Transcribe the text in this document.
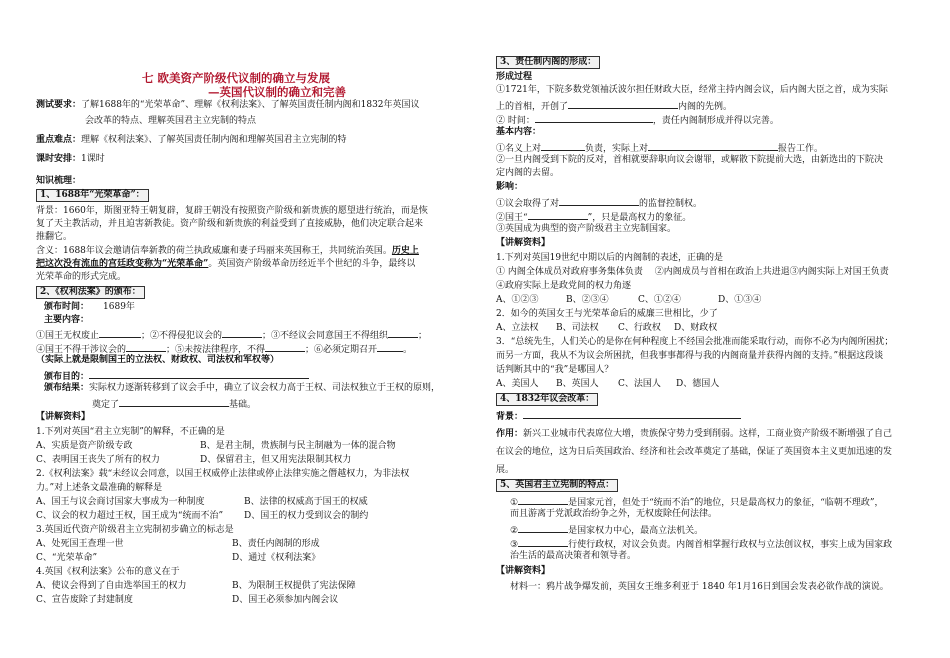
七 欧美资产阶级代议制的确立与发展
—英国代议制的确立和完善
测试要求：了解1688年的“光荣革命”、理解《权利法案》、了解英国责任制内阁和1832年英国议
会改革的特点、理解英国君主立宪制的特点
重点难点：理解《权利法案》、了解英国责任制内阁和理解英国君主立宪制的特
课时安排：1课时
知识梳理：
1、1688年“光荣革命”：
背景：1660年，斯图亚特王朝复辟，复辟王朝没有按照资产阶级和新贵族的愿望进行统治，而是恢
复了天主教活动，并且迫害新教徒。资产阶级和新贵族的利益受到了直接威胁，他们决定联合起来
推翻它。
含义：1688年议会邀请信奉新教的荷兰执政威廉和妻子玛丽来英国称王，共同统治英国。历史上
把这次没有流血的宫廷政变称为“光荣革命”。英国资产阶级革命历经近半个世纪的斗争，最终以
光荣革命的形式完成。
2、《权利法案》的颁布：
颁布时间： 1689年
主要内容：
①国王无权废止	；②不得侵犯议会的	；③不经议会同意国王不得组织	；
④国王不得干涉议会的	；⑤未按法律程序，不得	；⑥必须定期召开	。
（实际上就是限制国王的立法权、财政权、司法权和军权等）
颁布目的：
颁布结果：实际权力逐渐转移到了议会手中，确立了议会权力高于王权、司法权独立于王权的原则，
奠定了	基础。
【讲解资料】
1.下列对英国“君主立宪制”的解释，不正确的是
A、实质是资产阶级专政	B、是君主制，贵族制与民主制融为一体的混合物
C、表明国王丧失了所有的权力	D、保留君主，但又用宪法限制其权力
2.《权利法案》载“未经议会同意，以国王权威停止法律或停止法律实施之僭越权力，为非法权
力。”对上述条文最准确的解释是
A、国王与议会商讨国家大事成为一种制度	B、法律的权威高于国王的权威
C、议会的权力超过王权，国王成为“统而不治” D、国王的权力受到议会的制约
3.英国近代资产阶级君主立宪制初步确立的标志是
A、处死国王查理一世	B、责任内阁制的形成
C、“光荣革命”	D、通过《权利法案》
4.英国《权利法案》公布的意义在于
A、使议会得到了自由选举国王的权力	B、为限制王权提供了宪法保障
C、宣告废除了封建制度	D、国王必须参加内阁会议
3、责任制内阁的形成：
形成过程
①1721年，下院多数党领袖沃波尔担任财政大臣，经常主持内阁会议，后内阁大臣之首，成为实际
上的首相，开创了	内阁的先例。
② 时间：	，责任内阁制形成并得以完善。
基本内容：
①名义上对	负责，实际上对	报告工作。
②一旦内阁受到下院的反对，首相就要辞职向议会谢罪，或解散下院提前大选，由新选出的下院决
定内阁的去留。
影响：
①议会取得了对	的监督控制权。
②国王“	”，只是最高权力的象征。
③英国成为典型的资产阶级君主立宪制国家。
【讲解资料】
1.下列对英国19世纪中期以后的内阁制的表述，正确的是
① 内阁全体成员对政府事务集体负责　 ②内阁成员与首相在政治上共进退③内阁实际上对国王负责
④政府实际上是政党间的权力角逐
A、①②③	B、②③④	C、①②④	D、①③④
2．如今的英国女王与光荣革命后的威廉三世相比，少了
A、立法权 B、司法权 C、行政权 D、财政权
3．“总统先生，人们关心的是你在何种程度上不经国会批准而能采取行动，而你不必为内阁所困扰；
而另一方面，我从不为议会所困扰，但我事事都得与我的内阁商量并获得内阁的支持。”根据这段谈
话判断其中的“我”是哪国人？
A、美国人 B、英国人 C、法国人 D、德国人
4、1832年议会改革：
背景：
作用：新兴工业城市代表席位大增，贵族保守势力受到削弱。这样，工商业资产阶级不断增强了自己
在议会的地位，这为日后英国政治、经济和社会改革奠定了基础，保证了英国资本主义更加迅速的发
展。
5、英国君主立宪制的特点：
①	是国家元首，但处于“统而不治”的地位，只是最高权力的象征，“临朝不理政”，
而且游离于党派政治纷争之外，无权废除任何法律。
②	是国家权力中心，最高立法机关。
③	行使行政权，对议会负责。内阁首相掌握行政权与立法创议权，事实上成为国家政
治生活的最高决策者和领导者。
【讲解资料】
材料一：鸦片战争爆发前，英国女王维多利亚于 1840 年1月16日到国会发表必欲作战的演说。
